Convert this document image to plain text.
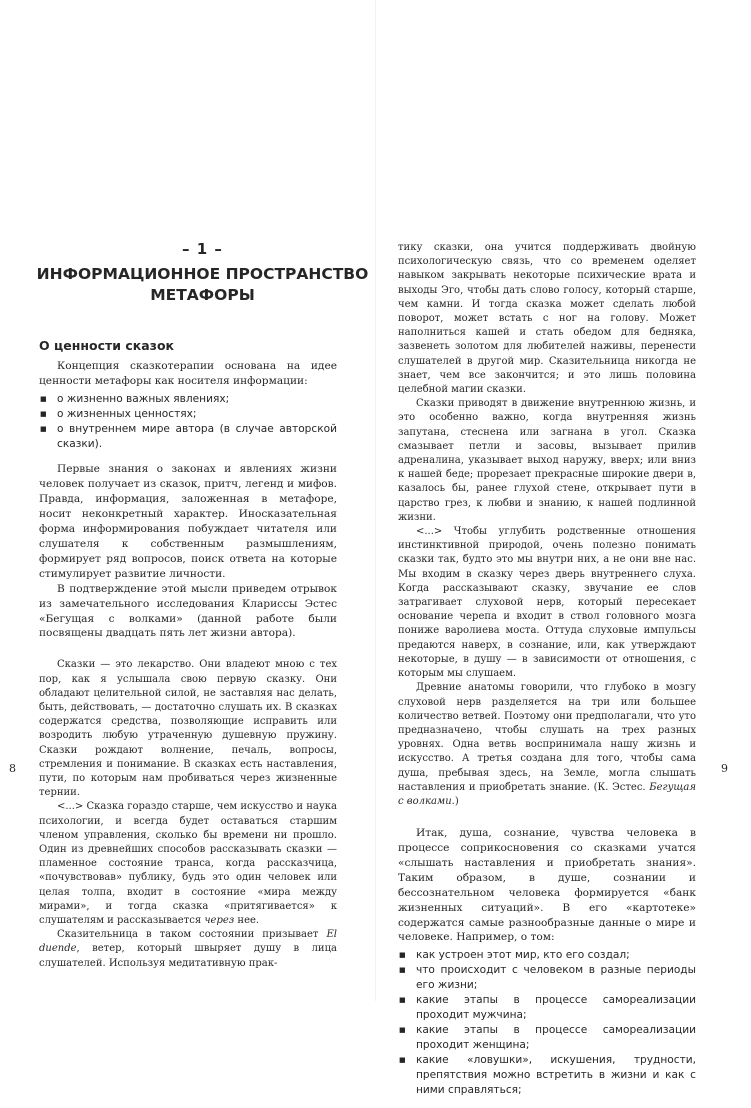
– 1 –
ИНФОРМАЦИОННОЕ ПРОСТРАНСТВО
МЕТАФОРЫ
О ценности сказок

Концепция сказкотерапии основана на идее ценности метафоры как носителя информации:

■ о жизненно важных явлениях;
■ о жизненных ценностях;
■ о внутреннем мире автора (в случае авторской сказки).

Первые знания о законах и явлениях жизни человек получает из сказок, притч, легенд и мифов. Правда, информация, заложенная в метафоре, носит неконкретный характер. Иносказательная форма информирования побуждает читателя или слушателя к собственным размышлениям, формирует ряд вопросов, поиск ответа на которые стимулирует развитие личности.

В подтверждение этой мысли приведем отрывок из замечательного исследования Клариссы Эстес «Бегущая с волками» (данной работе были посвящены двадцать пять лет жизни автора).

Сказки — это лекарство. Они владеют мною с тех пор, как я услышала свою первую сказку. Они обладают целительной силой, не заставляя нас делать, быть, действовать, — достаточно слушать их. В сказках содержатся средства, позволяющие исправить или возродить любую утраченную душевную пружину. Сказки рождают волнение, печаль, вопросы, стремления и понимание. В сказках есть наставления, пути, по которым нам пробиваться через жизненные тернии.

<...> Сказка гораздо старше, чем искусство и наука психологии, и всегда будет оставаться старшим членом управления, сколько бы времени ни прошло. Один из древнейших способов рассказывать сказки — пламенное состояние транса, когда рассказчица, «почувствовав» публику, будь это один человек или целая толпа, входит в состояние «мира между мирами», и тогда сказка «притягивается» к слушателям и рассказывается через нее.

Сказительница в таком состоянии призывает El duende, ветер, который швыряет душу в лица слушателей. Используя медитативную прак-

8

тику сказки, она учится поддерживать двойную психологическую связь, что со временем оделяет навыком закрывать некоторые психические врата и выходы Эго, чтобы дать слово голосу, который старше, чем камни. И тогда сказка может сделать любой поворот, может встать с ног на голову. Может наполниться кашей и стать обедом для бедняка, зазвенеть золотом для любителей наживы, перенести слушателей в другой мир. Сказительница никогда не знает, чем все закончится; и это лишь половина целебной магии сказки.

Сказки приводят в движение внутреннюю жизнь, и это особенно важно, когда внутренняя жизнь запутана, стеснена или загнана в угол. Сказка смазывает петли и засовы, вызывает прилив адреналина, указывает выход наружу, вверх; или вниз к нашей беде; прорезает прекрасные широкие двери в, казалось бы, ранее глухой стене, открывает пути в царство грез, к любви и знанию, к нашей подлинной жизни.

<...> Чтобы углубить родственные отношения инстинктивной природой, очень полезно понимать сказки так, будто это мы внутри них, а не они вне нас. Мы входим в сказку через дверь внутреннего слуха. Когда рассказывают сказку, звучание ее слов затрагивает слуховой нерв, который пересекает основание черепа и входит в ствол головного мозга пониже варолиева моста. Оттуда слуховые импульсы предаются наверх, в сознание, или, как утверждают некоторые, в душу — в зависимости от отношения, с которым мы слушаем.

Древние анатомы говорили, что глубоко в мозгу слуховой нерв разделяется на три или большее количество ветвей. Поэтому они предполагали, что уто предназначено, чтобы слушать на трех разных уровнях. Одна ветвь воспринимала нашу жизнь и искусство. А третья создана для того, чтобы сама душа, пребывая здесь, на Земле, могла слышать наставления и приобретать знание. (К. Эстес. Бегущая с волками.)

Итак, душа, сознание, чувства человека в процессе соприкосновения со сказками учатся «слышать наставления и приобретать знания». Таким образом, в душе, сознании и бессознательном человека формируется «банк жизненных ситуаций». В его «картотеке» содержатся самые разнообразные данные о мире и человеке. Например, о том:

■ как устроен этот мир, кто его создал;
■ что происходит с человеком в разные периоды его жизни;
■ какие этапы в процессе самореализации проходит мужчина;
■ какие этапы в процессе самореализации проходит женщина;
■ какие «ловушки», искушения, трудности, препятствия можно встретить в жизни и как с ними справляться;
9
